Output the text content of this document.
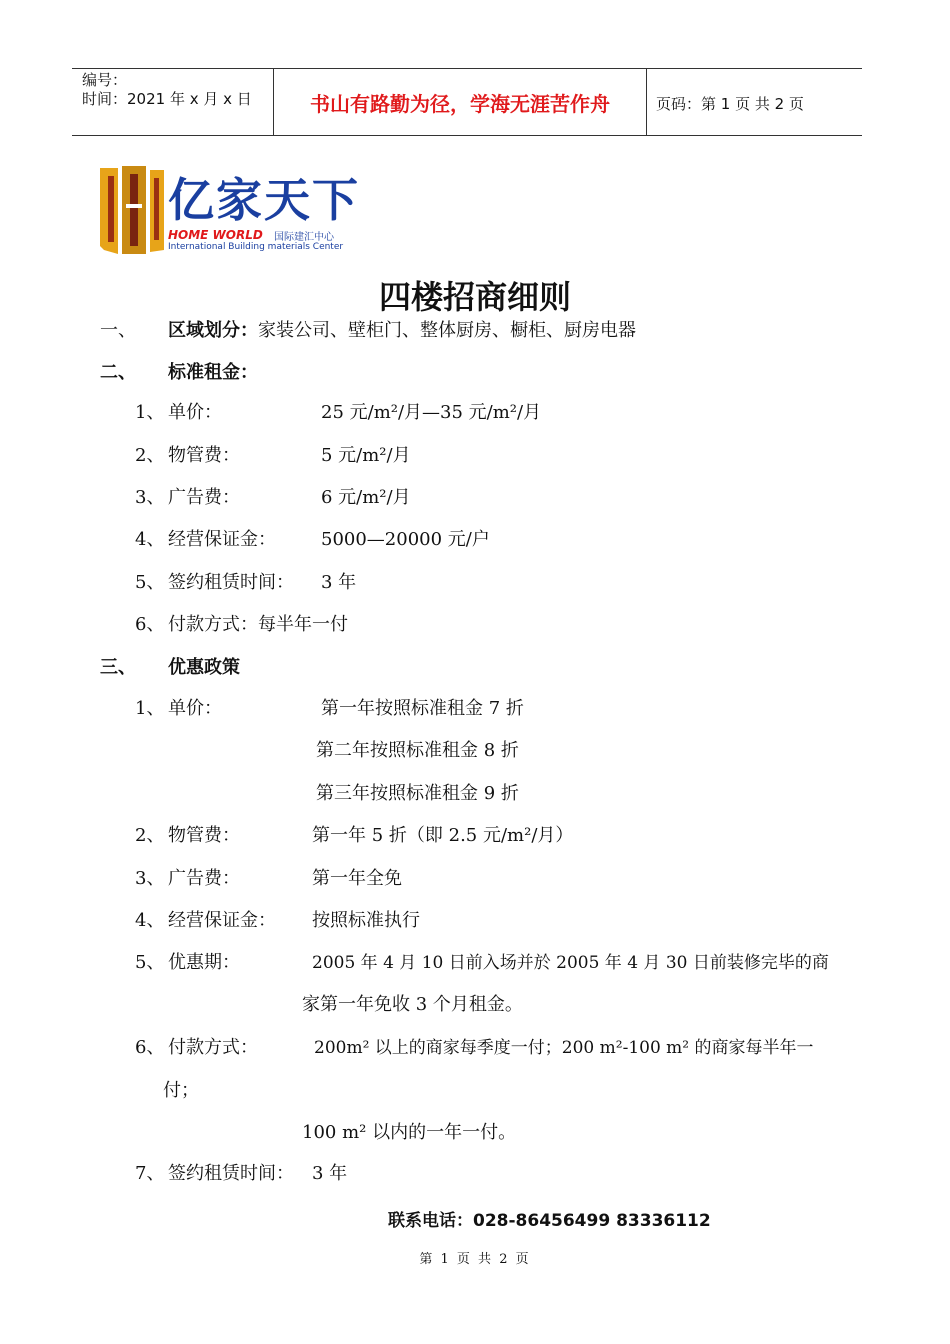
编号：
时间：2021 年 x 月 x 日	书山有路勤为径，学海无涯苦作舟	页码：第 1 页 共 2 页
亿家天下
HOME WORLD 国际建汇中心
International Building materials Center
四楼招商细则
一、 区域划分：家装公司、壁柜门、整体厨房、橱柜、厨房电器
二、 标准租金：
1、 单价：	25 元/m²/月—35 元/m²/月
2、 物管费：	5 元/m²/月
3、 广告费：	6 元/m²/月
4、 经营保证金：	5000—20000 元/户
5、 签约租赁时间： 3 年
6、 付款方式：每半年一付
三、 优惠政策
1、 单价：	第一年按照标准租金 7 折
第二年按照标准租金 8 折
第三年按照标准租金 9 折
2、 物管费：	第一年 5 折（即 2.5 元/m²/月）
3、 广告费：	第一年全免
4、 经营保证金： 按照标准执行
5、 优惠期：	2005 年 4 月 10 日前入场并於 2005 年 4 月 30 日前装修完毕的商
家第一年免收 3 个月租金。
6、 付款方式：	200m² 以上的商家每季度一付；200 m²-100 m² 的商家每半年一
付；
100 m² 以内的一年一付。
7、 签约租赁时间： 3 年
联系电话：028-86456499 83336112
第 1 页 共 2 页
